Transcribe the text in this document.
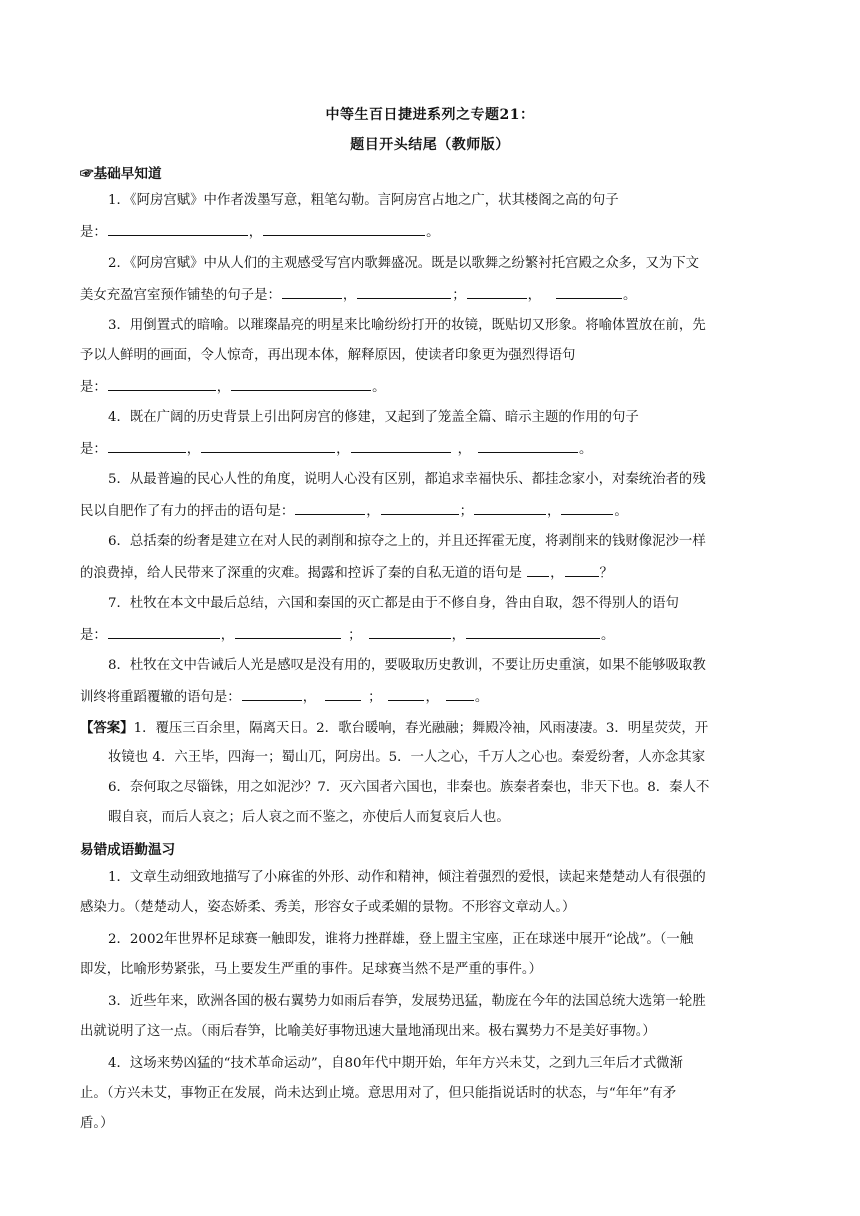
中等生百日捷进系列之专题21：
题目开头结尾（教师版）
☞基础早知道
1．《阿房宫赋》中作者泼墨写意，粗笔勾勒。言阿房宫占地之广，状其楼阁之高的句子
是：	，	。
2．《阿房宫赋》中从人们的主观感受写宫内歌舞盛况。既是以歌舞之纷繁衬托宫殿之众多，又为下文
美女充盈宫室预作铺垫的句子是：	，	；	，	。
3．用倒置式的暗喻。以璀璨晶亮的明星来比喻纷纷打开的妆镜，既贴切又形象。将喻体置放在前，先
予以人鲜明的画面，令人惊奇，再出现本体，解释原因，使读者印象更为强烈得语句
是：	，	。
4．既在广阔的历史背景上引出阿房宫的修建，又起到了笼盖全篇、暗示主题的作用的句子
是：	，	，	，	。
5．从最普遍的民心人性的角度，说明人心没有区别，都追求幸福快乐、都挂念家小，对秦统治者的残
民以自肥作了有力的抨击的语句是：	，	；	，	。
6．总括秦的纷奢是建立在对人民的剥削和掠夺之上的，并且还挥霍无度，将剥削来的钱财像泥沙一样
的浪费掉，给人民带来了深重的灾难。揭露和控诉了秦的自私无道的语句是 ，	？
7．杜牧在本文中最后总结，六国和秦国的灭亡都是由于不修自身，咎由自取，怨不得别人的语句
是：	，	；	，	。
8．杜牧在文中告诫后人光是感叹是没有用的，要吸取历史教训，不要让历史重演，如果不能够吸取教
训终将重蹈覆辙的语句是：	，	；	，	。
【答案】1．覆压三百余里，隔离天日。2．歌台暖响，春光融融；舞殿冷袖，风雨凄凄。3．明星荧荧，开
妆镜也 4．六王毕，四海一；蜀山兀，阿房出。5．一人之心，千万人之心也。秦爱纷奢，人亦念其家
6．奈何取之尽锱铢，用之如泥沙？7．灭六国者六国也，非秦也。族秦者秦也，非天下也。8．秦人不
暇自哀，而后人哀之；后人哀之而不鉴之，亦使后人而复哀后人也。
易错成语勤温习
1．文章生动细致地描写了小麻雀的外形、动作和精神，倾注着强烈的爱恨，读起来楚楚动人有很强的
感染力。（楚楚动人，姿态娇柔、秀美，形容女子或柔媚的景物。不形容文章动人。）
2．2002年世界杯足球赛一触即发，谁将力挫群雄，登上盟主宝座，正在球迷中展开“论战”。（一触
即发，比喻形势紧张，马上要发生严重的事件。足球赛当然不是严重的事件。）
3．近些年来，欧洲各国的极右翼势力如雨后春笋，发展势迅猛，勒庞在今年的法国总统大选第一轮胜
出就说明了这一点。（雨后春笋，比喻美好事物迅速大量地涌现出来。极右翼势力不是美好事物。）
4．这场来势凶猛的“技术革命运动”，自80年代中期开始，年年方兴未艾，之到九三年后才式微渐
止。（方兴未艾，事物正在发展，尚未达到止境。意思用对了，但只能指说话时的状态，与“年年”有矛
盾。）
